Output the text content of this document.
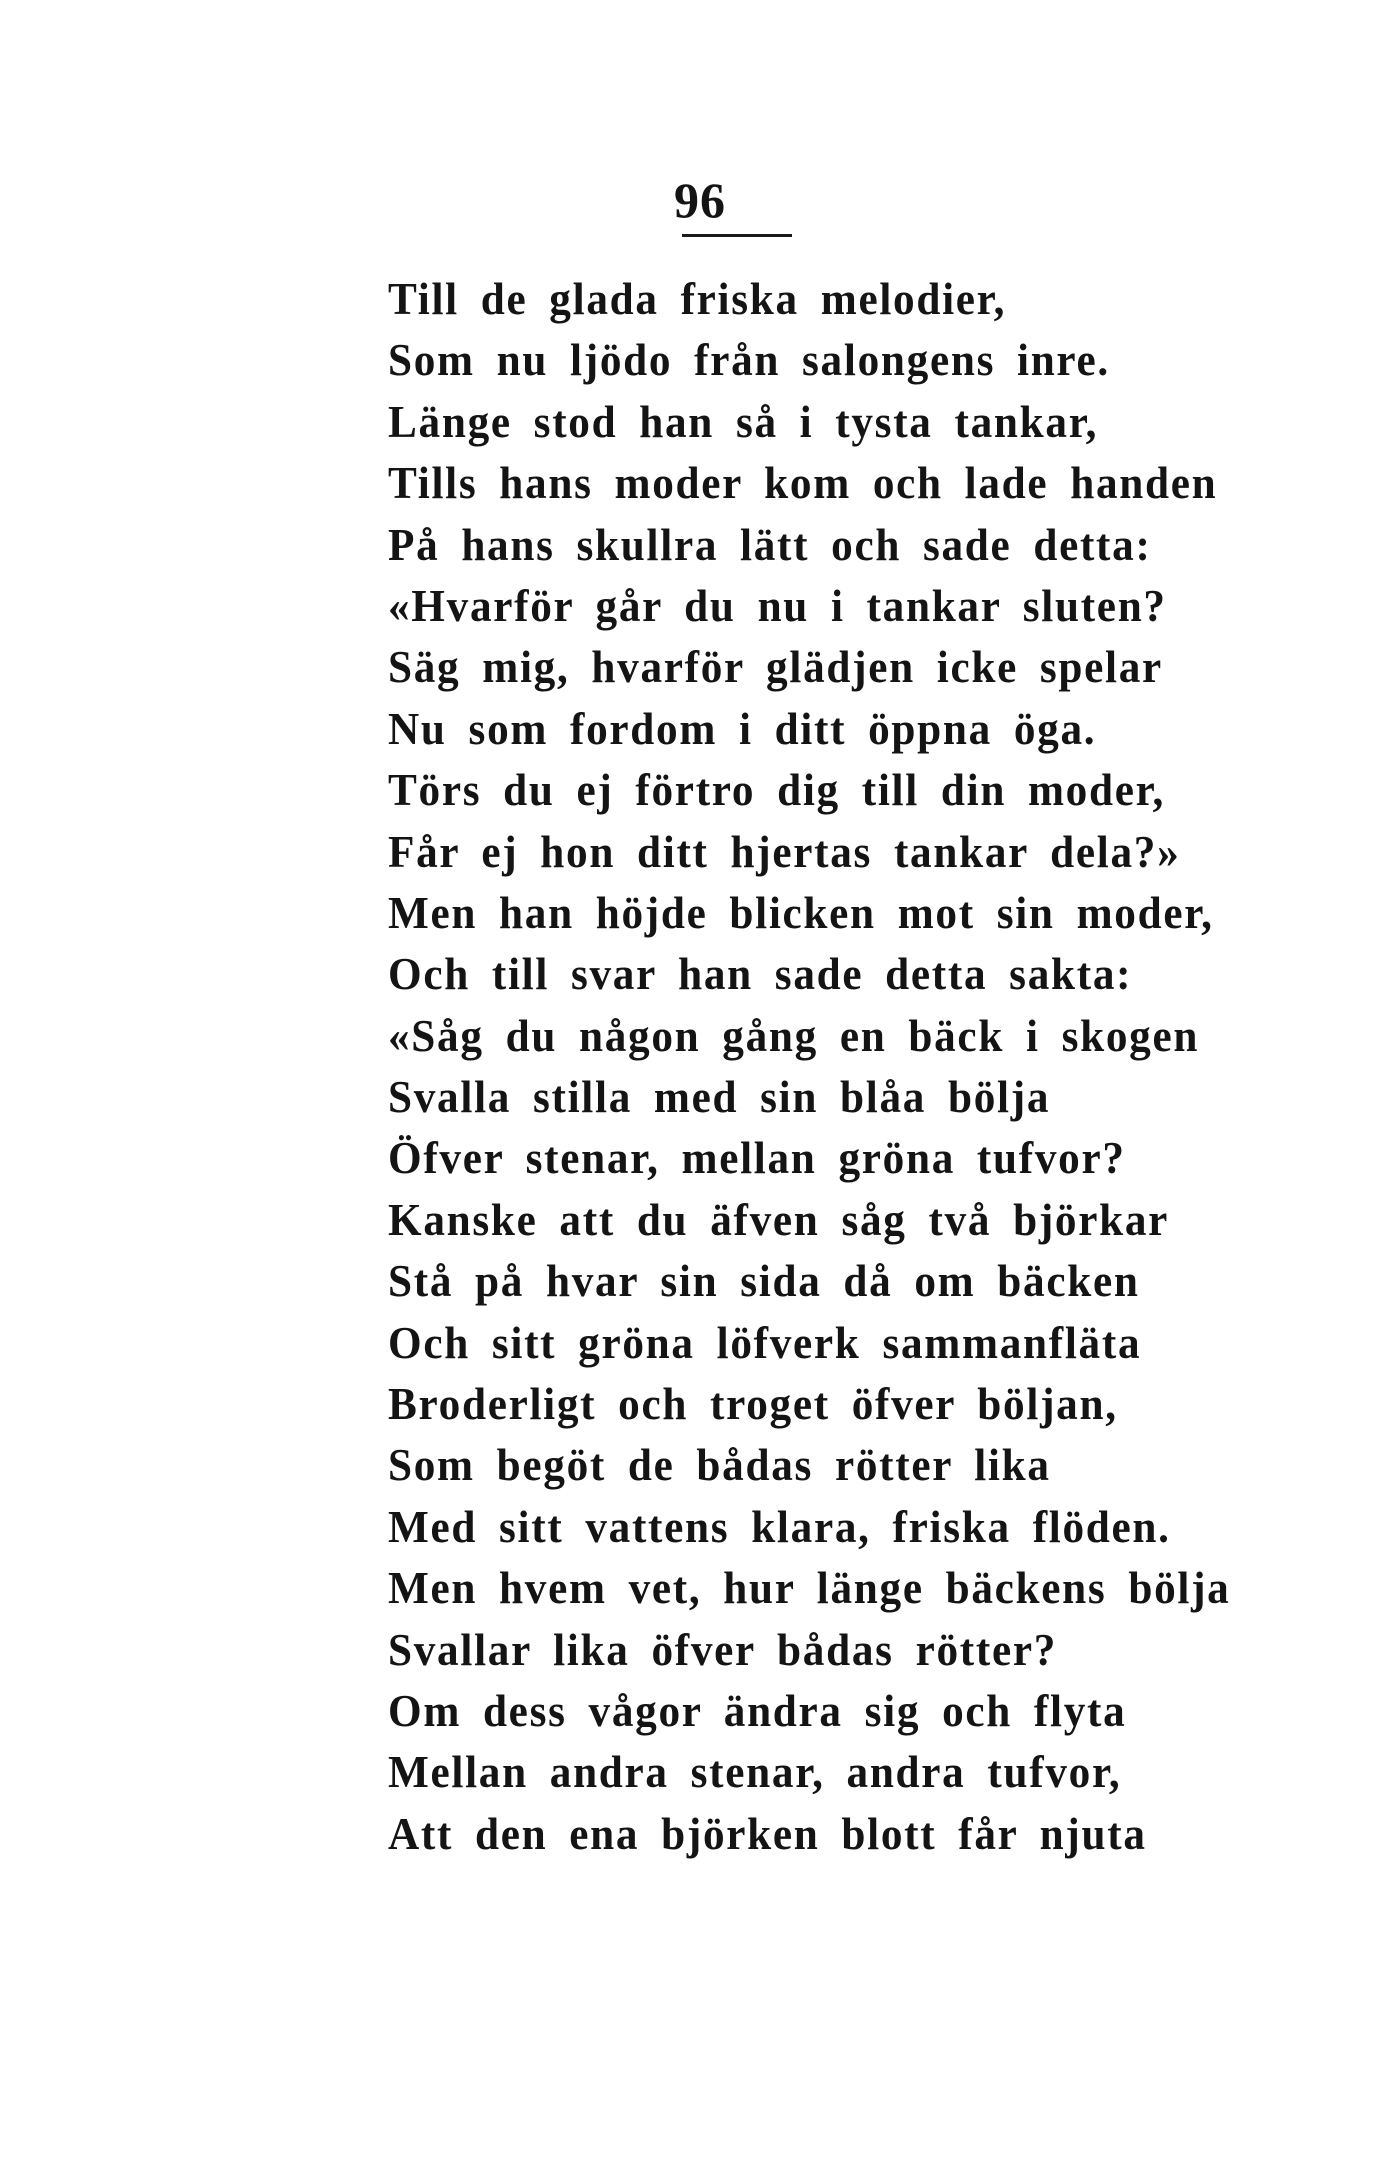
96
Till de glada friska melodier,
Som nu ljödo från salongens inre.
Länge stod han så i tysta tankar,
Tills hans moder kom och lade handen
På hans skullra lätt och sade detta:
«Hvarför går du nu i tankar sluten?
Säg mig, hvarför glädjen icke spelar
Nu som fordom i ditt öppna öga.
Törs du ej förtro dig till din moder,
Får ej hon ditt hjertas tankar dela?»
Men han höjde blicken mot sin moder,
Och till svar han sade detta sakta:
«Såg du någon gång en bäck i skogen
Svalla stilla med sin blåa bölja
Öfver stenar, mellan gröna tufvor?
Kanske att du äfven såg två björkar
Stå på hvar sin sida då om bäcken
Och sitt gröna löfverk sammanfläta
Broderligt och troget öfver böljan,
Som begöt de bådas rötter lika
Med sitt vattens klara, friska flöden.
Men hvem vet, hur länge bäckens bölja
Svallar lika öfver bådas rötter?
Om dess vågor ändra sig och flyta
Mellan andra stenar, andra tufvor,
Att den ena björken blott får njuta
